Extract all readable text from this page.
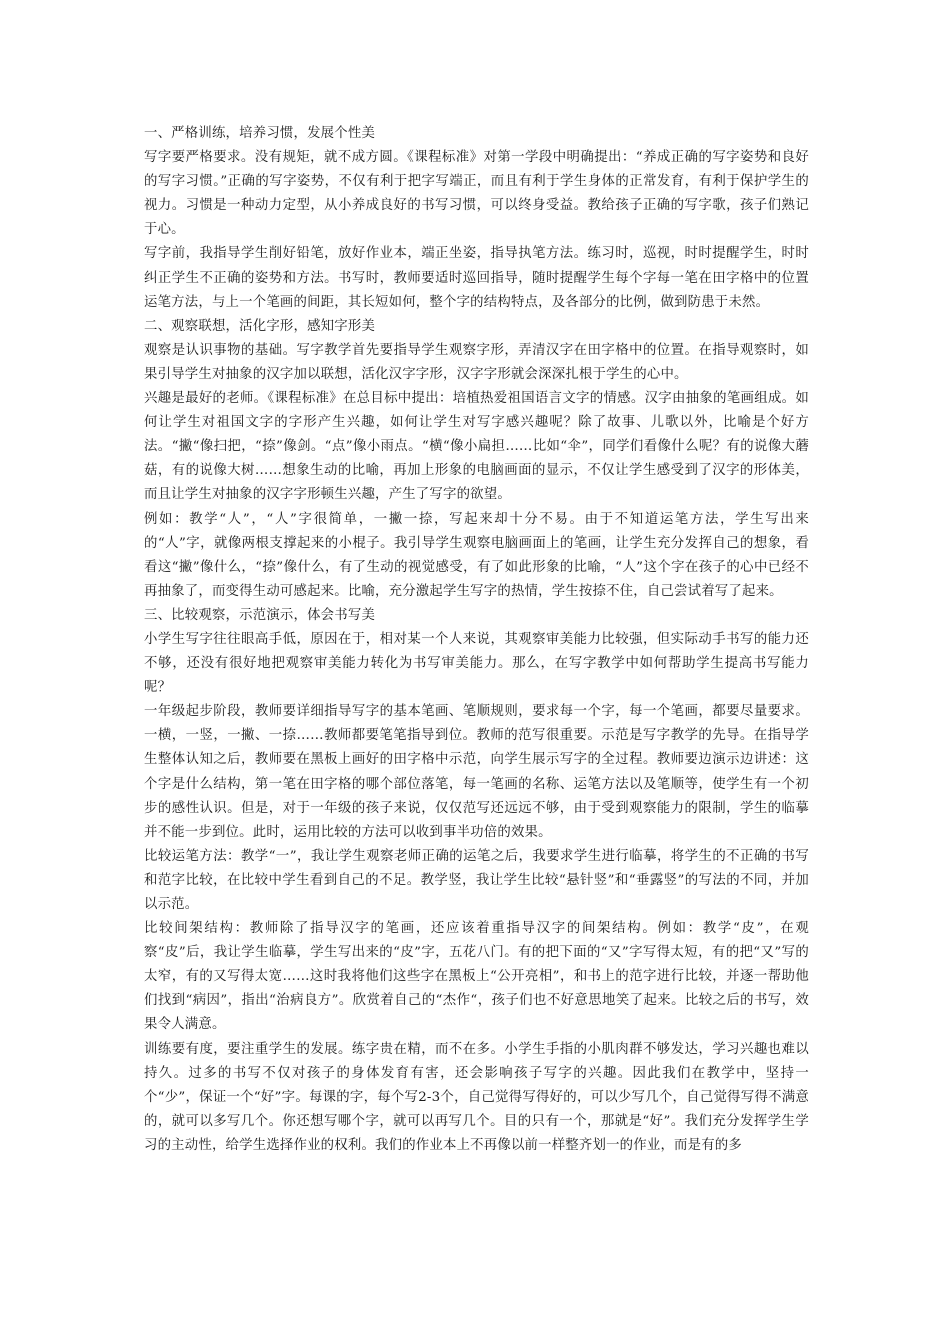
一、严格训练，培养习惯，发展个性美

写字要严格要求。没有规矩，就不成方圆。《课程标准》对第一学段中明确提出：“养成正确的写字姿势和良好的写字习惯。”正确的写字姿势，不仅有利于把字写端正，而且有利于学生身体的正常发育，有利于保护学生的视力。习惯是一种动力定型，从小养成良好的书写习惯，可以终身受益。教给孩子正确的写字歌，孩子们熟记于心。

写字前，我指导学生削好铅笔，放好作业本，端正坐姿，指导执笔方法。练习时，巡视，时时提醒学生，时时纠正学生不正确的姿势和方法。书写时，教师要适时巡回指导，随时提醒学生每个字每一笔在田字格中的位置运笔方法，与上一个笔画的间距，其长短如何，整个字的结构特点，及各部分的比例，做到防患于未然。

二、观察联想，活化字形，感知字形美

观察是认识事物的基础。写字教学首先要指导学生观察字形，弄清汉字在田字格中的位置。在指导观察时，如果引导学生对抽象的汉字加以联想，活化汉字字形，汉字字形就会深深扎根于学生的心中。

兴趣是最好的老师。《课程标准》在总目标中提出：培植热爱祖国语言文字的情感。汉字由抽象的笔画组成。如何让学生对祖国文字的字形产生兴趣，如何让学生对写字感兴趣呢？除了故事、儿歌以外，比喻是个好方法。“撇“像扫把，“捺”像剑。“点”像小雨点。“横“像小扁担……比如“伞”，同学们看像什么呢？有的说像大蘑菇，有的说像大树……想象生动的比喻，再加上形象的电脑画面的显示，不仅让学生感受到了汉字的形体美，而且让学生对抽象的汉字字形顿生兴趣，产生了写字的欲望。

例如：教学“人”，“人”字很简单，一撇一捺，写起来却十分不易。由于不知道运笔方法，学生写出来的“人”字，就像两根支撑起来的小棍子。我引导学生观察电脑画面上的笔画，让学生充分发挥自己的想象，看看这“撇”像什么，“捺”像什么，有了生动的视觉感受，有了如此形象的比喻，“人”这个字在孩子的心中已经不再抽象了，而变得生动可感起来。比喻，充分激起学生写字的热情，学生按捺不住，自己尝试着写了起来。

三、比较观察，示范演示，体会书写美

小学生写字往往眼高手低，原因在于，相对某一个人来说，其观察审美能力比较强，但实际动手书写的能力还不够，还没有很好地把观察审美能力转化为书写审美能力。那么，在写字教学中如何帮助学生提高书写能力呢？

一年级起步阶段，教师要详细指导写字的基本笔画、笔顺规则，要求每一个字，每一个笔画，都要尽量要求。一横，一竖，一撇、一捺……教师都要笔笔指导到位。教师的范写很重要。示范是写字教学的先导。在指导学生整体认知之后，教师要在黑板上画好的田字格中示范，向学生展示写字的全过程。教师要边演示边讲述：这个字是什么结构，第一笔在田字格的哪个部位落笔，每一笔画的名称、运笔方法以及笔顺等，使学生有一个初步的感性认识。但是，对于一年级的孩子来说，仅仅范写还远远不够，由于受到观察能力的限制，学生的临摹并不能一步到位。此时，运用比较的方法可以收到事半功倍的效果。

比较运笔方法：教学“一”，我让学生观察老师正确的运笔之后，我要求学生进行临摹，将学生的不正确的书写和范字比较，在比较中学生看到自己的不足。教学竖，我让学生比较“悬针竖”和“垂露竖”的写法的不同，并加以示范。

比较间架结构：教师除了指导汉字的笔画，还应该着重指导汉字的间架结构。例如：教学“皮”，在观察“皮”后，我让学生临摹，学生写出来的“皮”字，五花八门。有的把下面的“又”字写得太短，有的把“又”写的太窄，有的又写得太宽……这时我将他们这些字在黑板上“公开亮相”，和书上的范字进行比较，并逐一帮助他们找到“病因”，指出“治病良方”。欣赏着自己的“杰作“，孩子们也不好意思地笑了起来。比较之后的书写，效果令人满意。

训练要有度，要注重学生的发展。练字贵在精，而不在多。小学生手指的小肌肉群不够发达，学习兴趣也难以持久。过多的书写不仅对孩子的身体发育有害，还会影响孩子写字的兴趣。因此我们在教学中，坚持一个“少”，保证一个“好”字。每课的字，每个写2-3个，自己觉得写得好的，可以少写几个，自己觉得写得不满意的，就可以多写几个。你还想写哪个字，就可以再写几个。目的只有一个，那就是“好”。我们充分发挥学生学习的主动性，给学生选择作业的权利。我们的作业本上不再像以前一样整齐划一的作业，而是有的多
